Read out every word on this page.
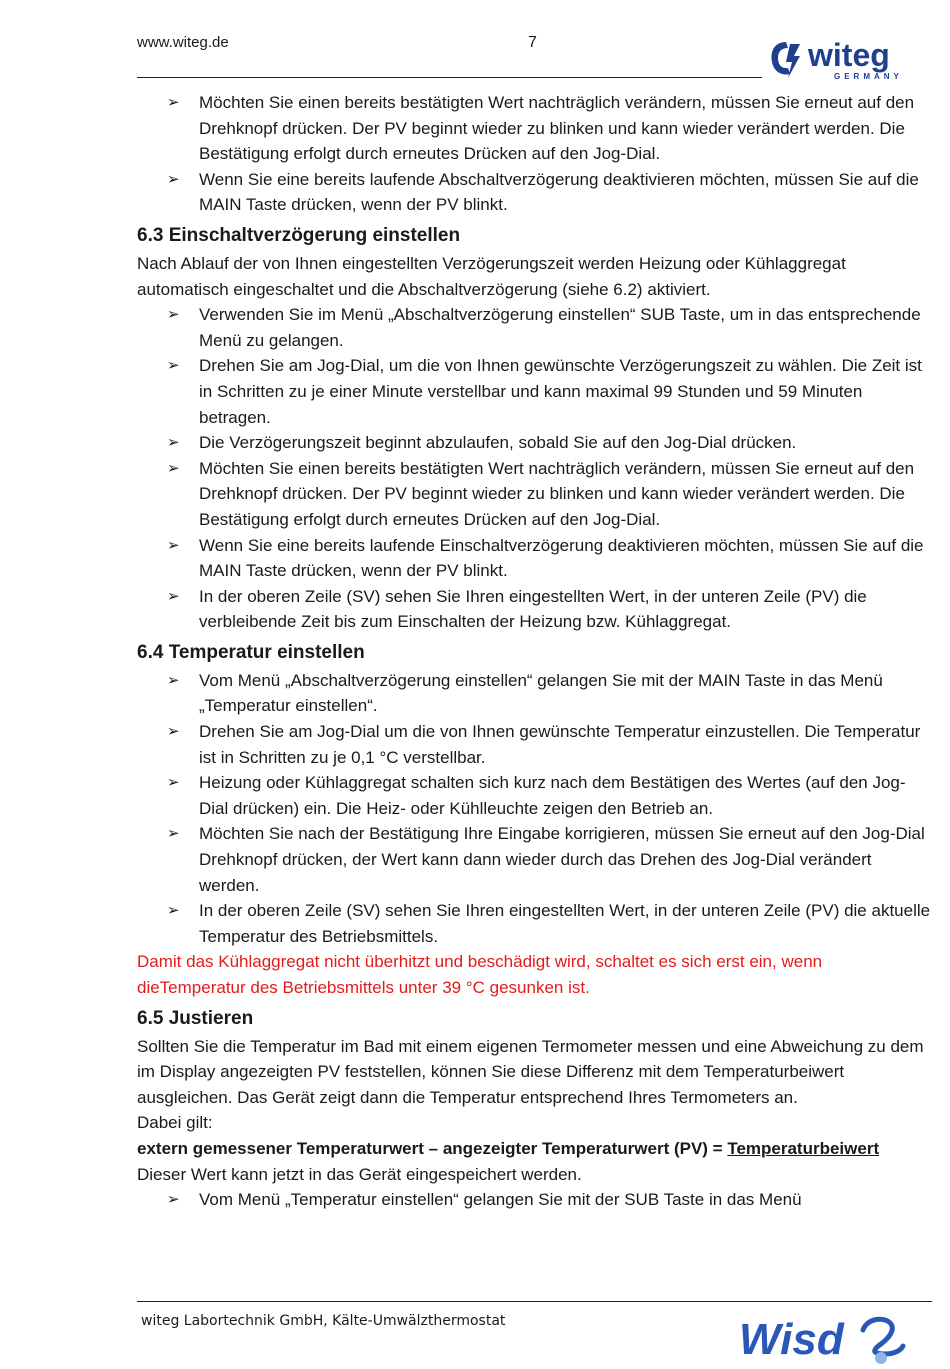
www.witeg.de	7	witeg
GERMANY
➢ Möchten Sie einen bereits bestätigten Wert nachträglich verändern, müssen Sie erneut auf den Drehknopf drücken. Der PV beginnt wieder zu blinken und kann wieder verändert werden. Die Bestätigung erfolgt durch erneutes Drücken auf den Jog-Dial.
➢ Wenn Sie eine bereits laufende Abschaltverzögerung deaktivieren möchten, müssen Sie auf die MAIN Taste drücken, wenn der PV blinkt.
6.3 Einschaltverzögerung einstellen
Nach Ablauf der von Ihnen eingestellten Verzögerungszeit werden Heizung oder Kühlaggregat automatisch eingeschaltet und die Abschaltverzögerung (siehe 6.2) aktiviert.
➢ Verwenden Sie im Menü „Abschaltverzögerung einstellen“ SUB Taste, um in das entsprechende Menü zu gelangen.
➢ Drehen Sie am Jog-Dial, um die von Ihnen gewünschte Verzögerungszeit zu wählen. Die Zeit ist in Schritten zu je einer Minute verstellbar und kann maximal 99 Stunden und 59 Minuten betragen.
➢ Die Verzögerungszeit beginnt abzulaufen, sobald Sie auf den Jog-Dial drücken.
➢ Möchten Sie einen bereits bestätigten Wert nachträglich verändern, müssen Sie erneut auf den Drehknopf drücken. Der PV beginnt wieder zu blinken und kann wieder verändert werden. Die Bestätigung erfolgt durch erneutes Drücken auf den Jog-Dial.
➢ Wenn Sie eine bereits laufende Einschaltverzögerung deaktivieren möchten, müssen Sie auf die MAIN Taste drücken, wenn der PV blinkt.
➢ In der oberen Zeile (SV) sehen Sie Ihren eingestellten Wert, in der unteren Zeile (PV) die verbleibende Zeit bis zum Einschalten der Heizung bzw. Kühlaggregat.
6.4 Temperatur einstellen
➢ Vom Menü „Abschaltverzögerung einstellen“ gelangen Sie mit der MAIN Taste in das Menü „Temperatur einstellen“.
➢ Drehen Sie am Jog-Dial um die von Ihnen gewünschte Temperatur einzustellen. Die Temperatur ist in Schritten zu je 0,1 °C verstellbar.
➢ Heizung oder Kühlaggregat schalten sich kurz nach dem Bestätigen des Wertes (auf den Jog-Dial drücken) ein. Die Heiz- oder Kühlleuchte zeigen den Betrieb an.
➢ Möchten Sie nach der Bestätigung Ihre Eingabe korrigieren, müssen Sie erneut auf den Jog-Dial Drehknopf drücken, der Wert kann dann wieder durch das Drehen des Jog-Dial verändert werden.
➢ In der oberen Zeile (SV) sehen Sie Ihren eingestellten Wert, in der unteren Zeile (PV) die aktuelle Temperatur des Betriebsmittels.
Damit das Kühlaggregat nicht überhitzt und beschädigt wird, schaltet es sich erst ein, wenn dieTemperatur des Betriebsmittels unter 39 °C gesunken ist.
6.5 Justieren
Sollten Sie die Temperatur im Bad mit einem eigenen Termometer messen und eine Abweichung zu dem im Display angezeigten PV feststellen, können Sie diese Differenz mit dem Temperaturbeiwert ausgleichen. Das Gerät zeigt dann die Temperatur entsprechend Ihres Termometers an.
Dabei gilt:
extern gemessener Temperaturwert – angezeigter Temperaturwert (PV) = Temperaturbeiwert
Dieser Wert kann jetzt in das Gerät eingespeichert werden.
➢ Vom Menü „Temperatur einstellen“ gelangen Sie mit der SUB Taste in das Menü
witeg Labortechnik GmbH, Kälte-Umwälzthermostat	Wisd
